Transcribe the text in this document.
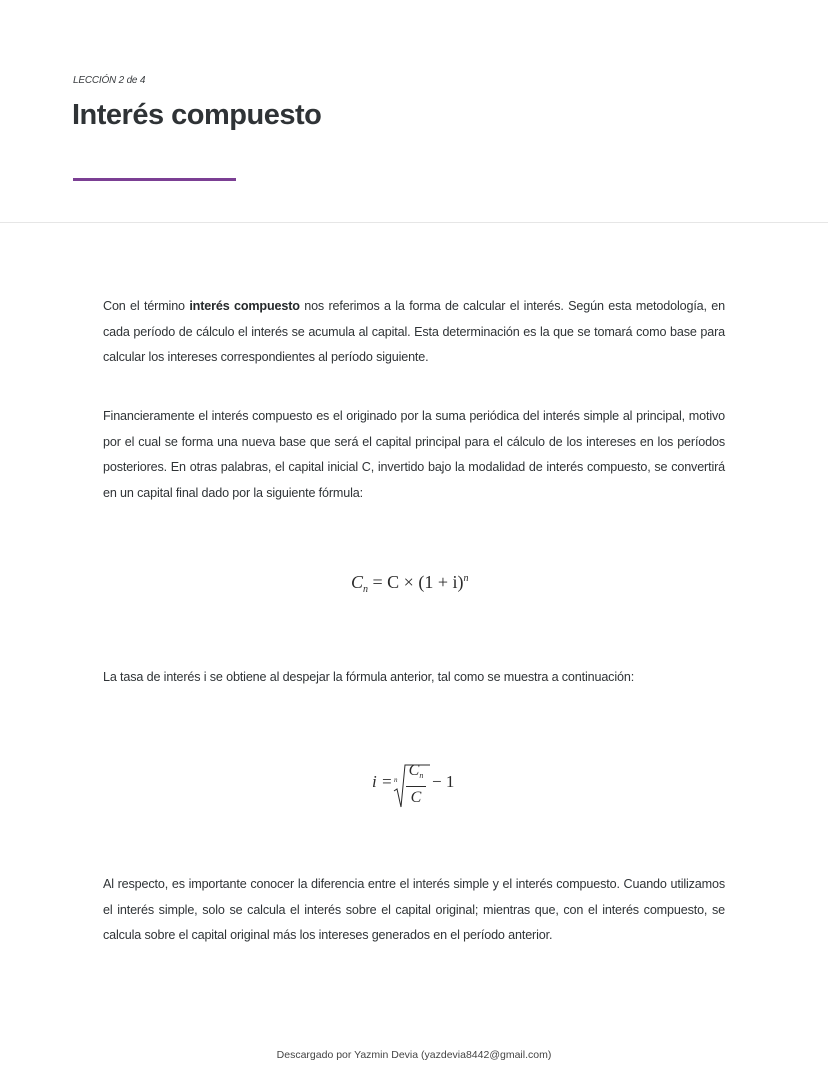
LECCIÓN 2 de 4
Interés compuesto

Con el término interés compuesto nos referimos a la forma de calcular el interés. Según esta metodología, en cada período de cálculo el interés se acumula al capital. Esta determinación es la que se tomará como base para calcular los intereses correspondientes al período siguiente.

Financieramente el interés compuesto es el originado por la suma periódica del interés simple al principal, motivo por el cual se forma una nueva base que será el capital principal para el cálculo de los intereses en los períodos posteriores. En otras palabras, el capital inicial C, invertido bajo la modalidad de interés compuesto, se convertirá en un capital final dado por la siguiente fórmula:

$C_n = C \times (1 + i)^n$

La tasa de interés i se obtiene al despejar la fórmula anterior, tal como se muestra a continuación:

i = n
$C_n$
C
− 1

Al respecto, es importante conocer la diferencia entre el interés simple y el interés compuesto. Cuando utilizamos el interés simple, solo se calcula el interés sobre el capital original; mientras que, con el interés compuesto, se calcula sobre el capital original más los intereses generados en el período anterior.

Descargado por Yazmin Devia (yazdevia8442@gmail.com)
